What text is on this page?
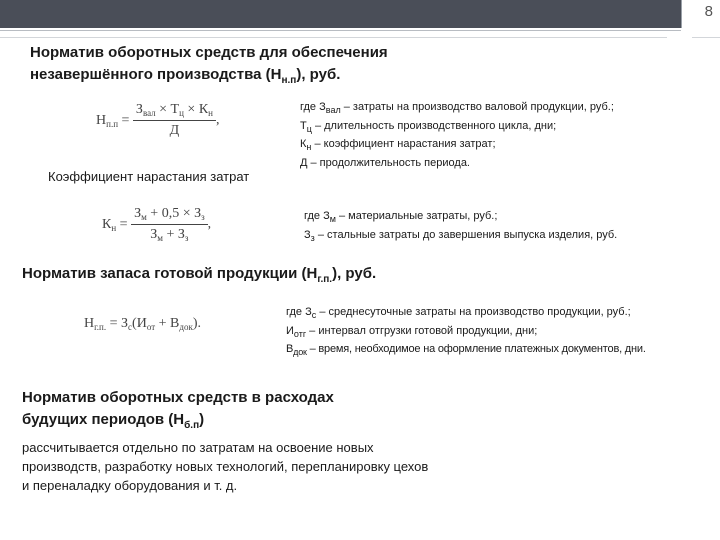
8
Норматив оборотных средств для обеспечения
незавершённого производства $(Н_{н.п})$, руб.
$Н_{п.п} = \frac{З_{вал} \times Т_ц \times К_н}{Д}$ ,
где $З_{вал}$ – затраты на производство валовой продукции, руб.;
$Т_ц$ – длительность производственного цикла, дни;
$К_н$ – коэффициент нарастания затрат;
Д – продолжительность периода.
Коэффициент нарастания затрат
$К_н = \frac{З_м + 0,5 \times З_з}{З_м + З_з}$ ,
где $З_м$ – материальные затраты, руб.;
$З_з$ – стальные затраты до завершения выпуска изделия, руб.
Норматив запаса готовой продукции $(Н_{г.п.})$, руб.
$Н_{г.п.} = З_с(И_{от} + В_{док})$.
где $З_с$ – среднесуточные затраты на производство продукции, руб.;
$И_{отг}$ – интервал отгрузки готовой продукции, дни;
$В_{док}$ – время, необходимое на оформление платежных документов, дни.
Норматив оборотных средств в расходах
будущих периодов $(Н_{б.п})$
рассчитывается отдельно по затратам на освоение новых
производств, разработку новых технологий, перепланировку цехов
и переналадку оборудования и т. д.
